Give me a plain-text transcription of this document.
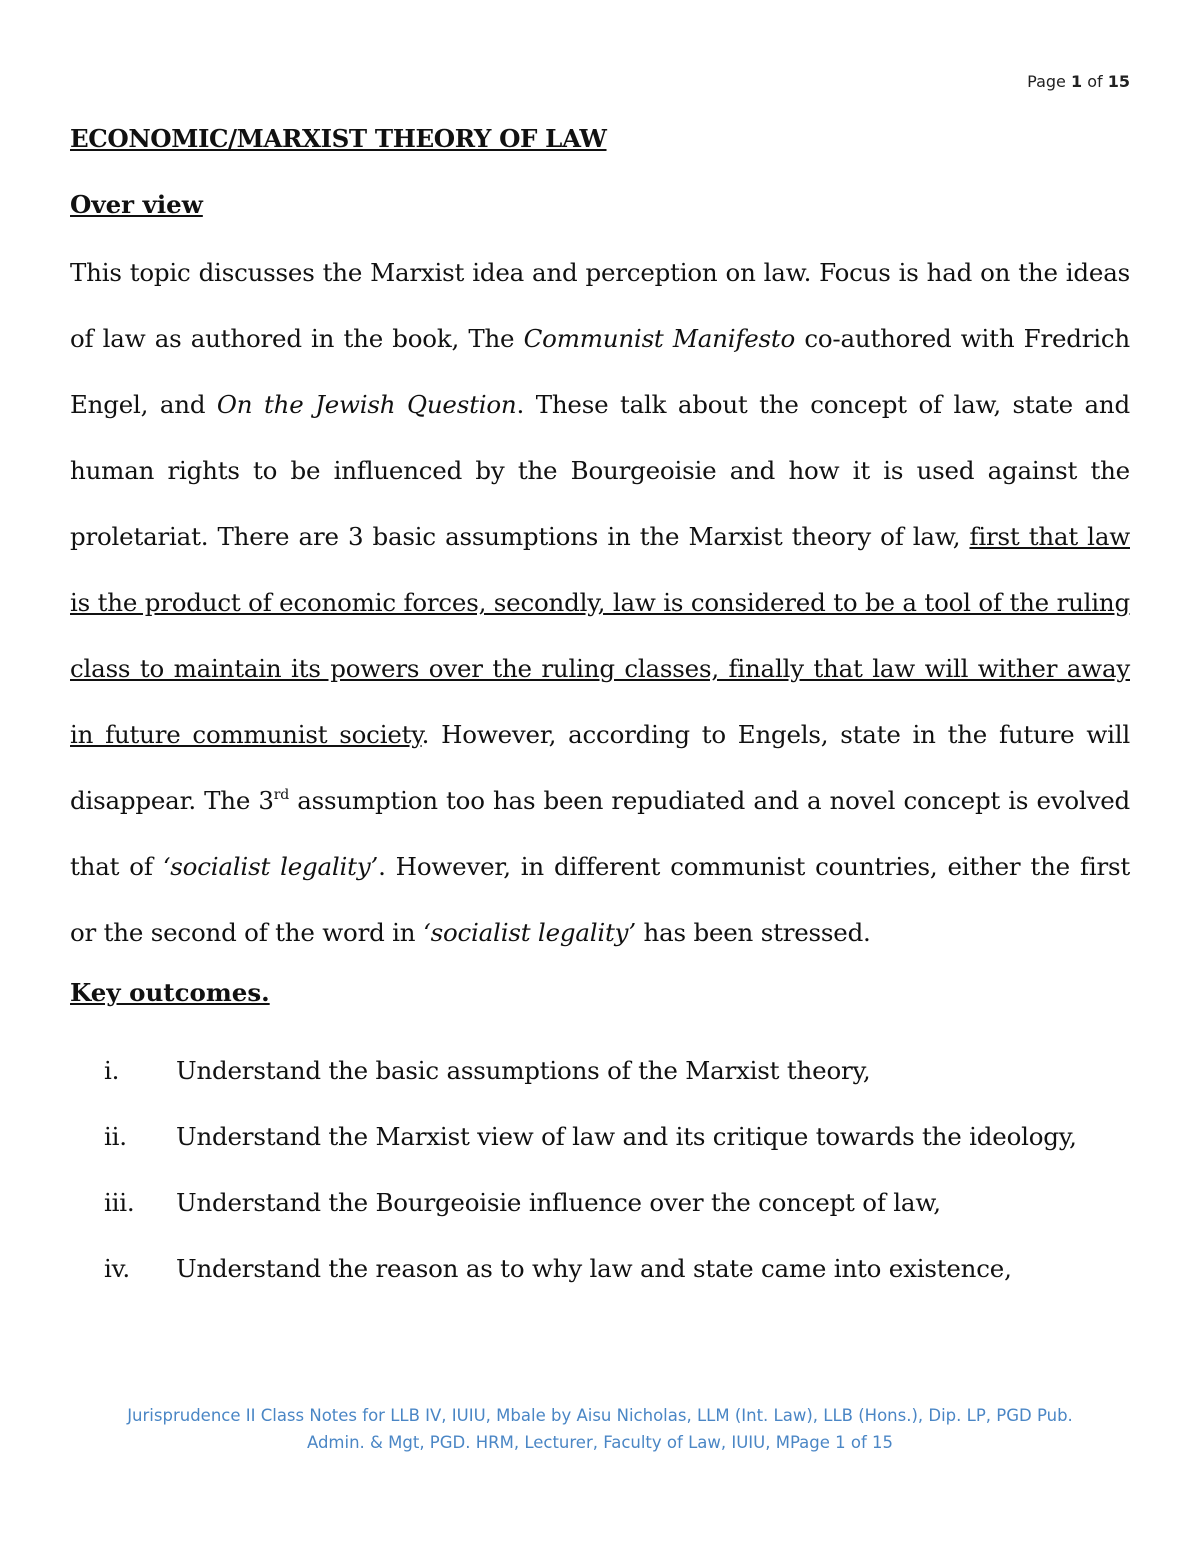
Page 1 of 15
ECONOMIC/MARXIST THEORY OF LAW
Over view

This topic discusses the Marxist idea and perception on law. Focus is had on the ideas of law as authored in the book, The Communist Manifesto co-authored with Fredrich Engel, and On the Jewish Question. These talk about the concept of law, state and human rights to be influenced by the Bourgeoisie and how it is used against the proletariat. There are 3 basic assumptions in the Marxist theory of law, first that law is the product of economic forces, secondly, law is considered to be a tool of the ruling class to maintain its powers over the ruling classes, finally that law will wither away in future communist society. However, according to Engels, state in the future will disappear. The 3rd assumption too has been repudiated and a novel concept is evolved that of ‘socialist legality’. However, in different communist countries, either the first or the second of the word in ‘socialist legality’ has been stressed.

Key outcomes.
i.	Understand the basic assumptions of the Marxist theory,
ii.	Understand the Marxist view of law and its critique towards the ideology,
iii.	Understand the Bourgeoisie influence over the concept of law,
iv.	Understand the reason as to why law and state came into existence,
Jurisprudence II Class Notes for LLB IV, IUIU, Mbale by Aisu Nicholas, LLM (Int. Law), LLB (Hons.), Dip. LP, PGD Pub.
Admin. & Mgt, PGD. HRM, Lecturer, Faculty of Law, IUIU, MPage 1 of 15
